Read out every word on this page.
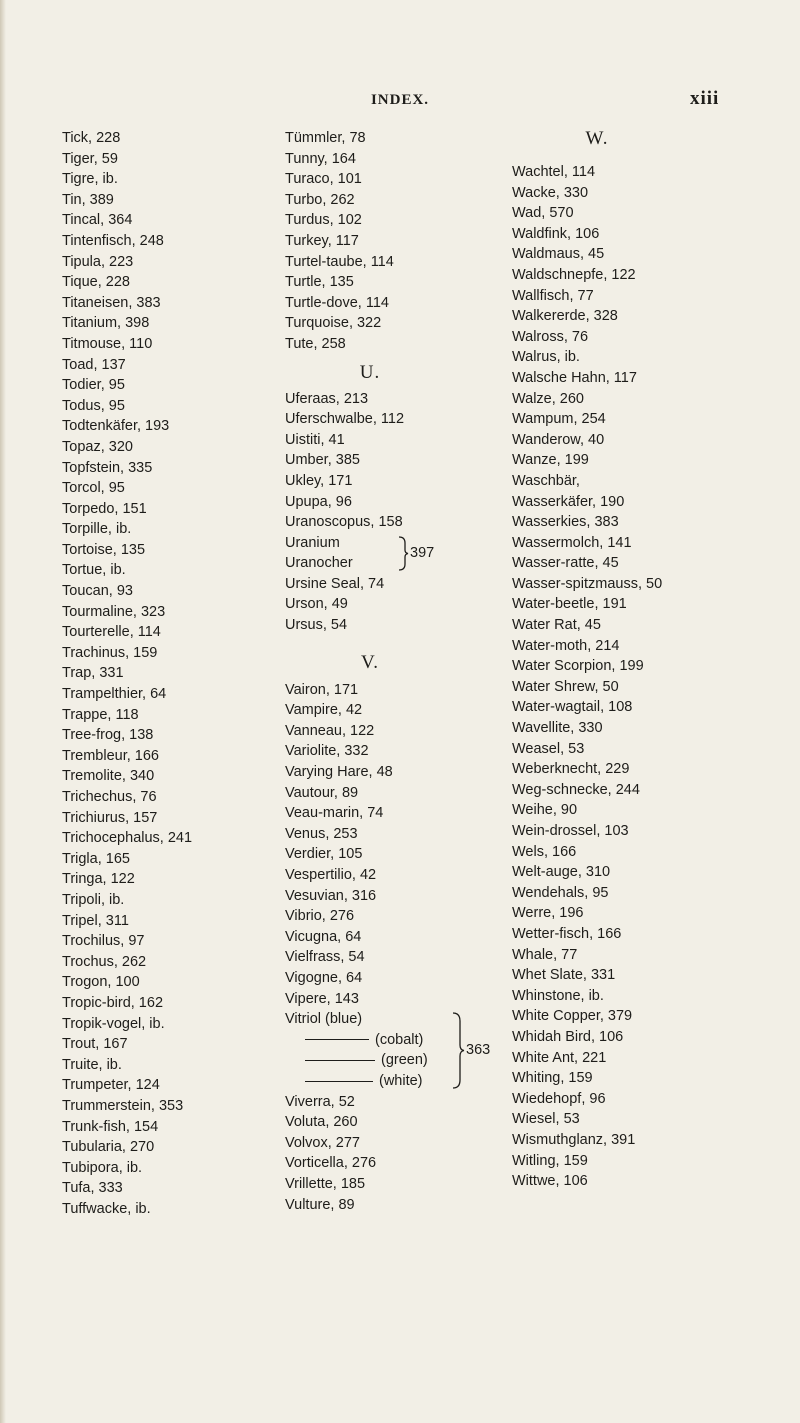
INDEX.	xiii
Tick, 228
Tiger, 59
Tigre, ib.
Tin, 389
Tincal, 364
Tintenfisch, 248
Tipula, 223
Tique, 228
Titaneisen, 383
Titanium, 398
Titmouse, 110
Toad, 137
Todier, 95
Todus, 95
Todtenkäfer, 193
Topaz, 320
Topfstein, 335
Torcol, 95
Torpedo, 151
Torpille, ib.
Tortoise, 135
Tortue, ib.
Toucan, 93
Tourmaline, 323
Tourterelle, 114
Trachinus, 159
Trap, 331
Trampelthier, 64
Trappe, 118
Tree-frog, 138
Trembleur, 166
Tremolite, 340
Trichechus, 76
Trichiurus, 157
Trichocephalus, 241
Trigla, 165
Tringa, 122
Tripoli, ib.
Tripel, 311
Trochilus, 97
Trochus, 262
Trogon, 100
Tropic-bird, 162
Tropik-vogel, ib.
Trout, 167
Truite, ib.
Trumpeter, 124
Trummerstein, 353
Trunk-fish, 154
Tubularia, 270
Tubipora, ib.
Tufa, 333
Tuffwacke, ib.
Tümmler, 78
Tunny, 164
Turaco, 101
Turbo, 262
Turdus, 102
Turkey, 117
Turtel-taube, 114
Turtle, 135
Turtle-dove, 114
Turquoise, 322
Tute, 258
U.
Uferaas, 213
Uferschwalbe, 112
Uistiti, 41
Umber, 385
Ukley, 171
Upupa, 96
Uranoscopus, 158
Uranium
Uranocher
397
Ursine Seal, 74
Urson, 49
Ursus, 54
V.
Vairon, 171
Vampire, 42
Vanneau, 122
Variolite, 332
Varying Hare, 48
Vautour, 89
Veau-marin, 74
Venus, 253
Verdier, 105
Vespertilio, 42
Vesuvian, 316
Vibrio, 276
Vicugna, 64
Vielfrass, 54
Vigogne, 64
Vipere, 143
Vitriol (blue)
(cobalt)
(green)
(white)
363
Viverra, 52
Voluta, 260
Volvox, 277
Vorticella, 276
Vrillette, 185
Vulture, 89
W.
Wachtel, 114
Wacke, 330
Wad, 570
Waldfink, 106
Waldmaus, 45
Waldschnepfe, 122
Wallfisch, 77
Walkererde, 328
Walross, 76
Walrus, ib.
Walsche Hahn, 117
Walze, 260
Wampum, 254
Wanderow, 40
Wanze, 199
Waschbär,
Wasserkäfer, 190
Wasserkies, 383
Wassermolch, 141
Wasser-ratte, 45
Wasser-spitzmauss, 50
Water-beetle, 191
Water Rat, 45
Water-moth, 214
Water Scorpion, 199
Water Shrew, 50
Water-wagtail, 108
Wavellite, 330
Weasel, 53
Weberknecht, 229
Weg-schnecke, 244
Weihe, 90
Wein-drossel, 103
Wels, 166
Welt-auge, 310
Wendehals, 95
Werre, 196
Wetter-fisch, 166
Whale, 77
Whet Slate, 331
Whinstone, ib.
White Copper, 379
Whidah Bird, 106
White Ant, 221
Whiting, 159
Wiedehopf, 96
Wiesel, 53
Wismuthglanz, 391
Witling, 159
Wittwe, 106
